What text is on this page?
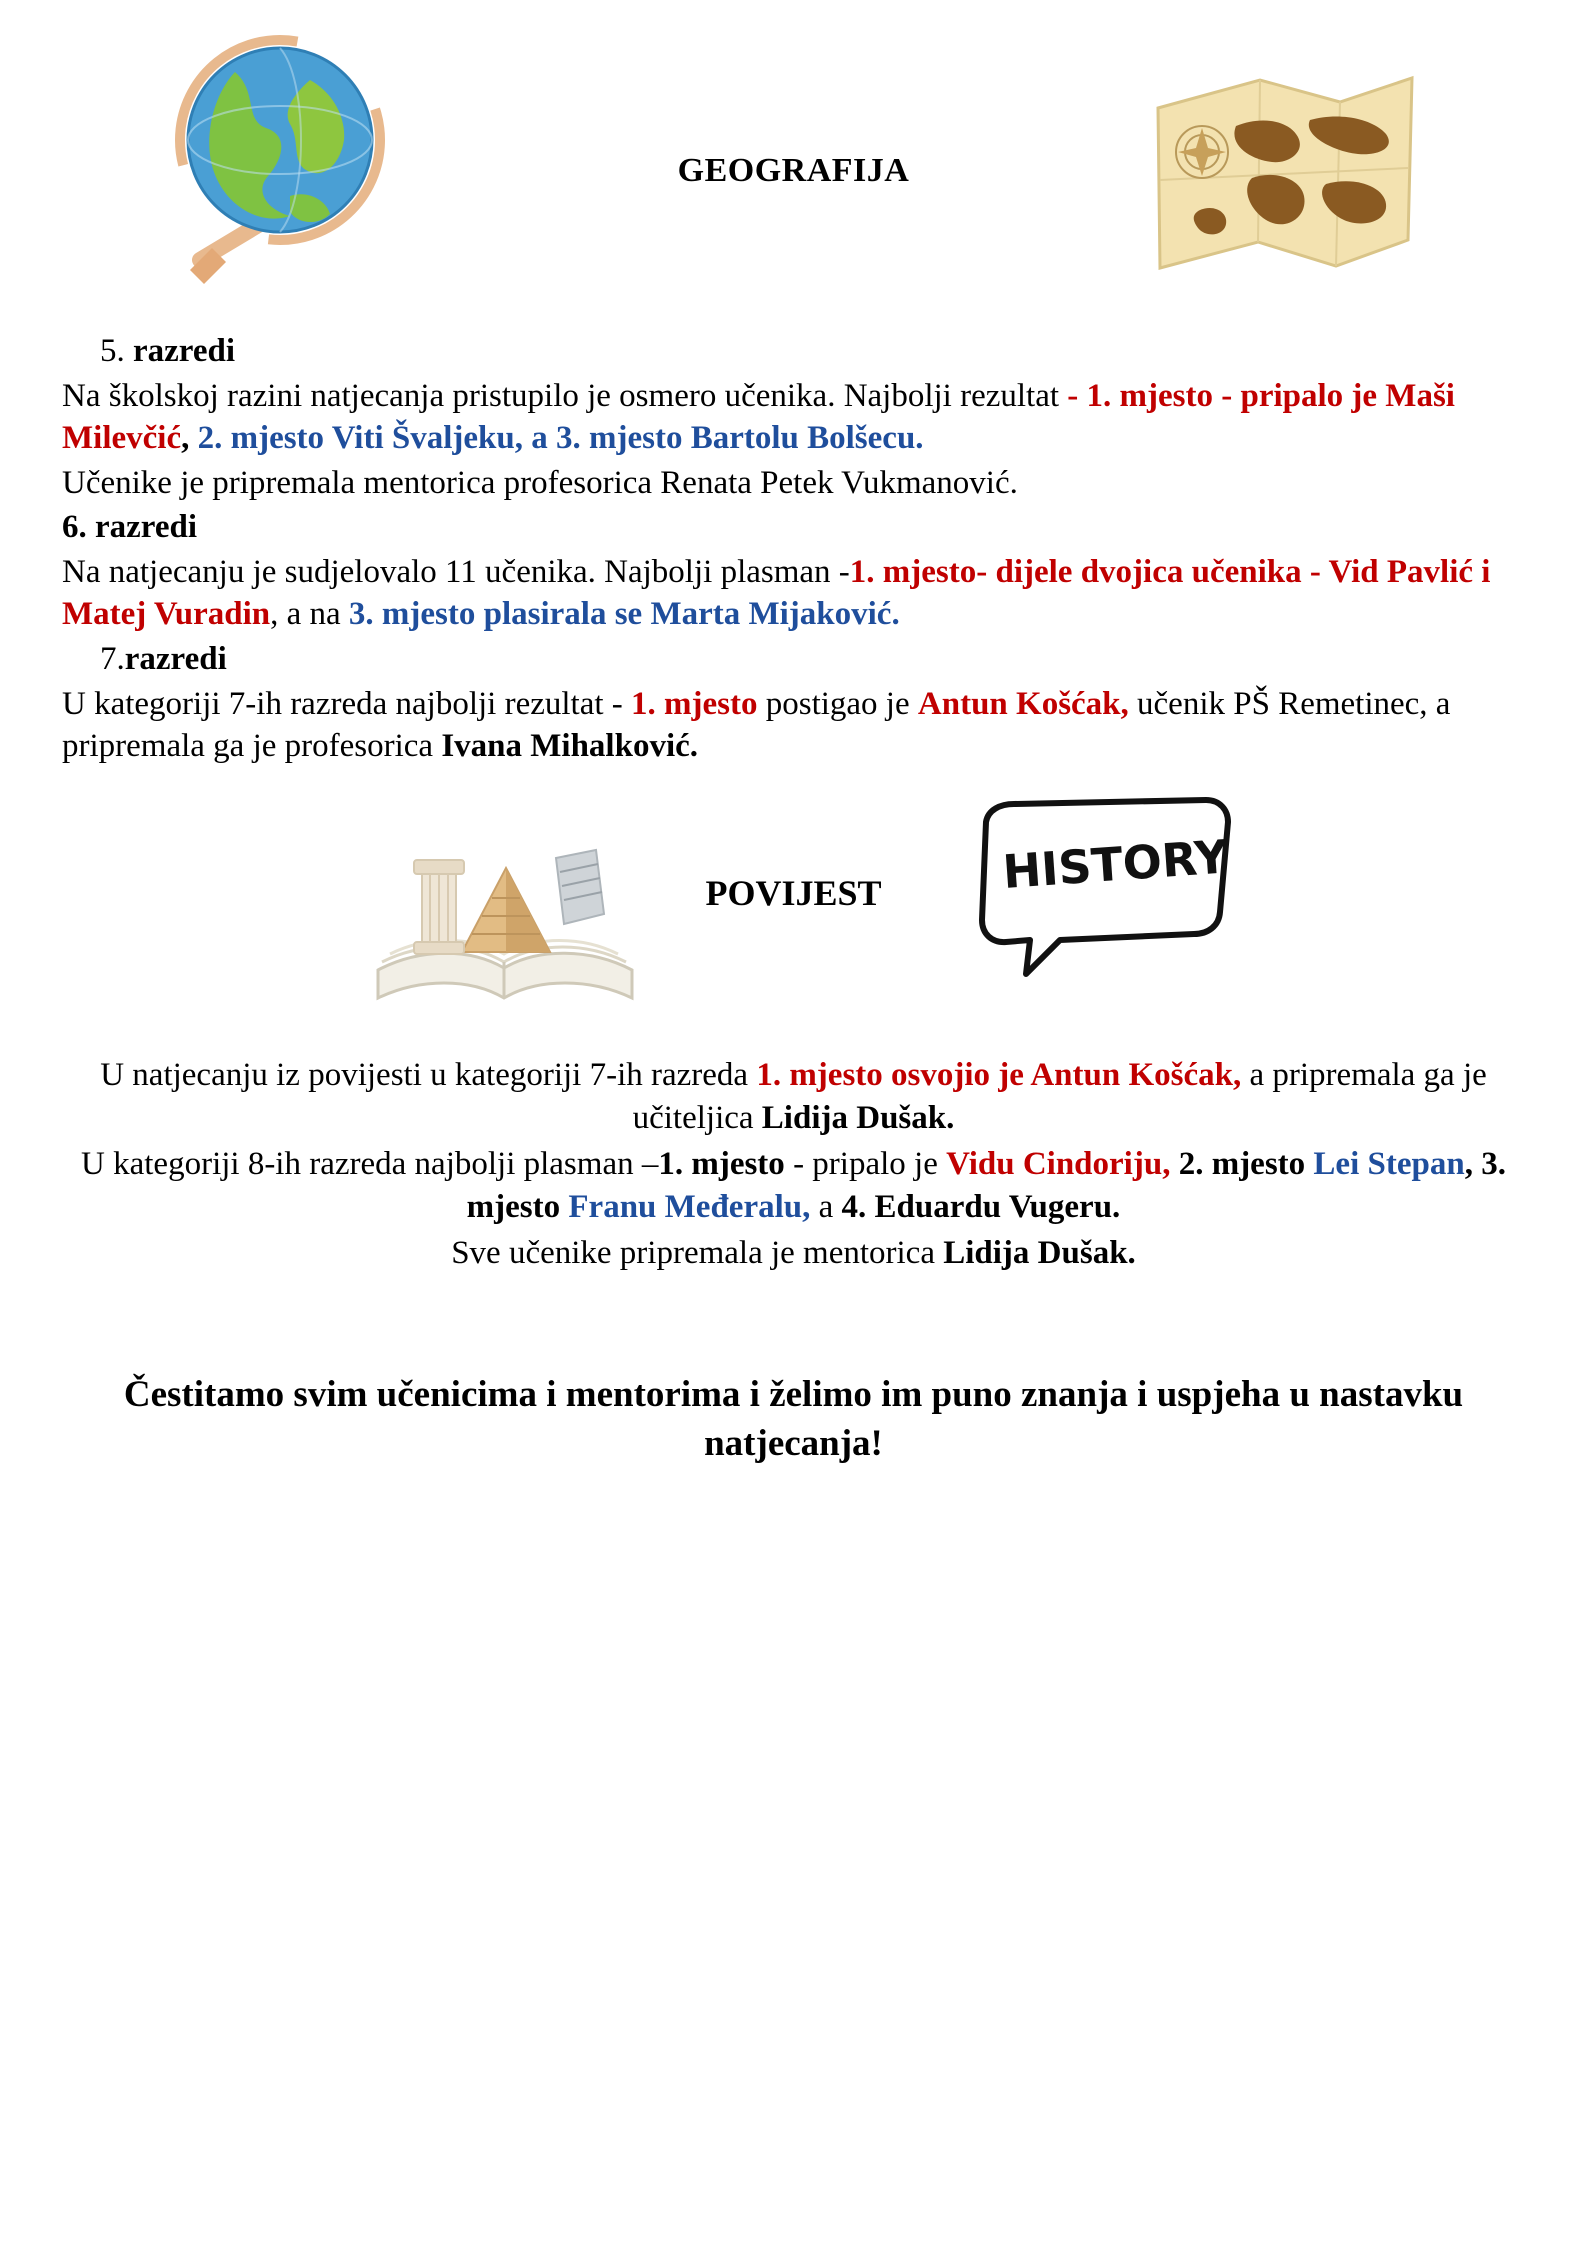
GEOGRAFIJA
5. razredi

Na školskoj razini natjecanja pristupilo je osmero učenika. Najbolji rezultat - 1. mjesto - pripalo je Maši Milevčić, 2. mjesto Viti Švaljeku, a 3. mjesto Bartolu Bolšecu.

Učenike je pripremala mentorica profesorica Renata Petek Vukmanović.

6. razredi

Na natjecanju je sudjelovalo 11 učenika. Najbolji plasman -1. mjesto- dijele dvojica učenika - Vid Pavlić i Matej Vuradin, a na 3. mjesto plasirala se Marta Mijaković.

7.razredi

U kategoriji 7-ih razreda najbolji rezultat - 1. mjesto postigao je Antun Košćak, učenik PŠ Remetinec, a pripremala ga je profesorica Ivana Mihalković.

HISTORY
POVIJEST

U natjecanju iz povijesti u kategoriji 7-ih razreda 1. mjesto osvojio je Antun Košćak, a pripremala ga je učiteljica Lidija Dušak.

U kategoriji 8-ih razreda najbolji plasman –1. mjesto - pripalo je Vidu Cindoriju, 2. mjesto Lei Stepan, 3. mjesto Franu Međeralu, a 4. Eduardu Vugeru.

Sve učenike pripremala je mentorica Lidija Dušak.

Čestitamo svim učenicima i mentorima i želimo im puno znanja i uspjeha u nastavku natjecanja!
